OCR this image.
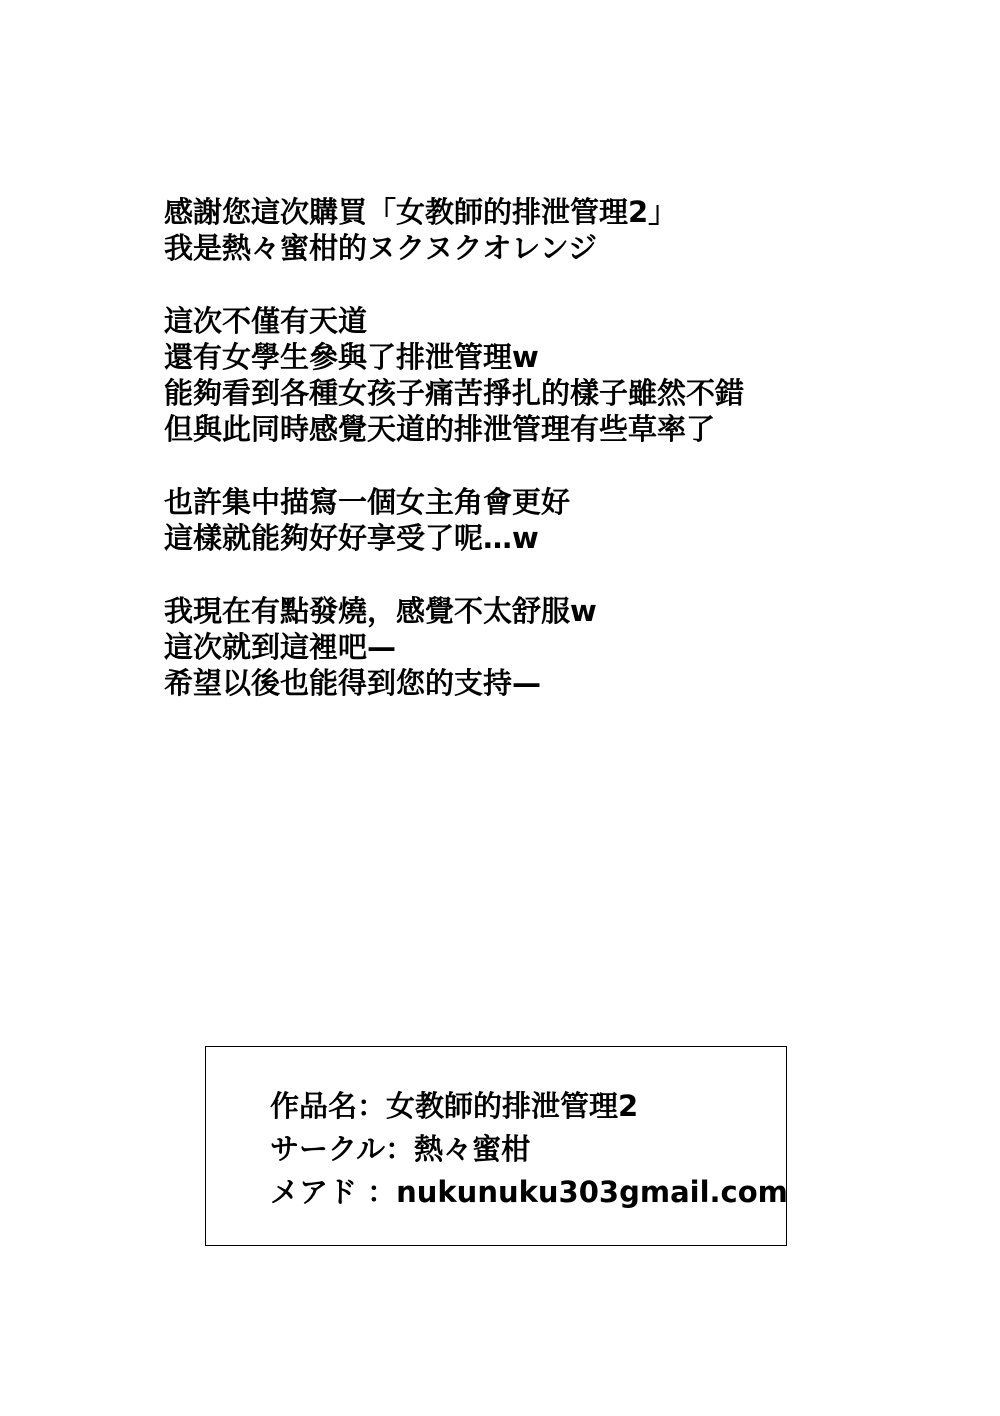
感謝您這次購買「女教師的排泄管理2」
我是熱々蜜柑的ヌクヌクオレンジ
這次不僅有天道
還有女學生參與了排泄管理w
能夠看到各種女孩子痛苦掙扎的樣子雖然不錯
但與此同時感覺天道的排泄管理有些草率了
也許集中描寫一個女主角會更好
這樣就能夠好好享受了呢…w
我現在有點發燒，感覺不太舒服w
這次就到這裡吧—
希望以後也能得到您的支持—
作品名：女教師的排泄管理2
サークル：熱々蜜柑
メアド ：nukunuku303gmail.com
